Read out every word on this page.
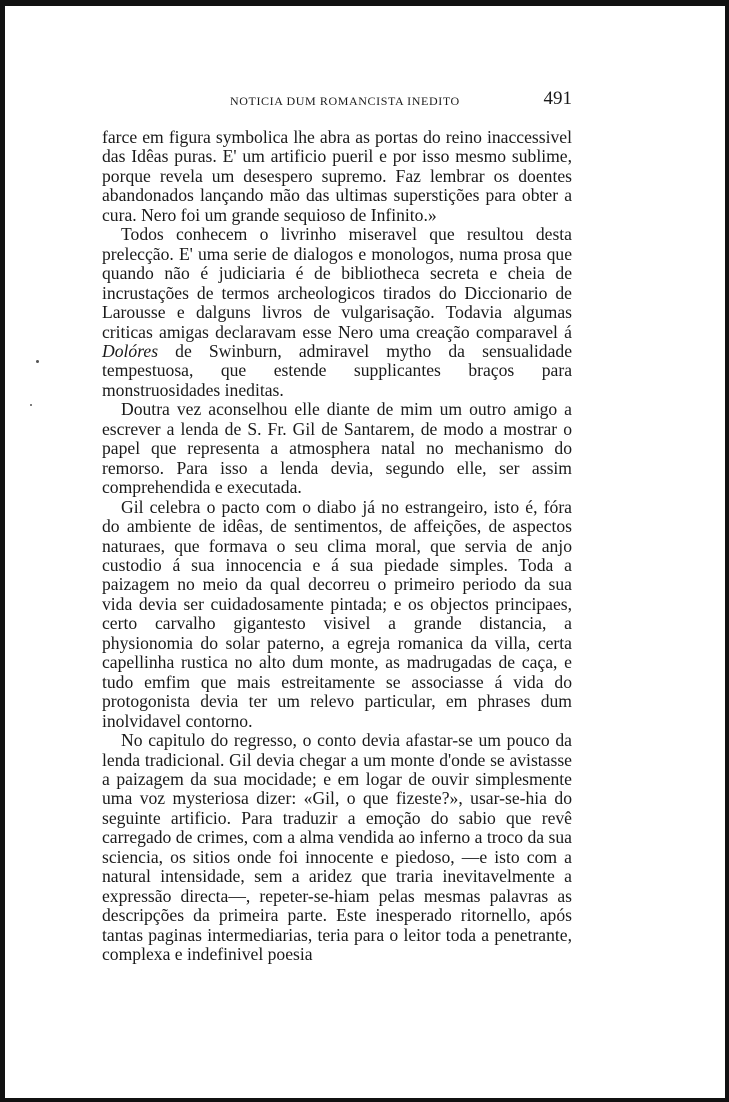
NOTICIA DUM ROMANCISTA INEDITO	491

farce em figura symbolica lhe abra as portas do reino inaccessivel das Idêas puras. E' um artificio pueril e por isso mesmo sublime, porque revela um desespero supremo. Faz lembrar os doentes abandonados lançando mão das ultimas superstições para obter a cura. Nero foi um grande sequioso de Infinito.»

Todos conhecem o livrinho miseravel que resultou desta prelecção. E' uma serie de dialogos e monologos, numa prosa que quando não é judiciaria é de bibliotheca secreta e cheia de incrustações de termos archeologicos tirados do Diccionario de Larousse e dalguns livros de vulgarisação. Todavia algumas criticas amigas declaravam esse Nero uma creação comparavel á Dolóres de Swinburn, admiravel mytho da sensualidade tempestuosa, que estende supplicantes braços para monstruosidades ineditas.

Doutra vez aconselhou elle diante de mim um outro amigo a escrever a lenda de S. Fr. Gil de Santarem, de modo a mostrar o papel que representa a atmosphera natal no mechanismo do remorso. Para isso a lenda devia, segundo elle, ser assim comprehendida e executada.

Gil celebra o pacto com o diabo já no estrangeiro, isto é, fóra do ambiente de idêas, de sentimentos, de affeições, de aspectos naturaes, que formava o seu clima moral, que servia de anjo custodio á sua innocencia e á sua piedade simples. Toda a paizagem no meio da qual decorreu o primeiro periodo da sua vida devia ser cuidadosamente pintada; e os objectos principaes, certo carvalho gigantesto visivel a grande distancia, a physionomia do solar paterno, a egreja romanica da villa, certa capellinha rustica no alto dum monte, as madrugadas de caça, e tudo emfim que mais estreitamente se associasse á vida do protogonista devia ter um relevo particular, em phrases dum inolvidavel contorno.

No capitulo do regresso, o conto devia afastar-se um pouco da lenda tradicional. Gil devia chegar a um monte d'onde se avistasse a paizagem da sua mocidade; e em logar de ouvir simplesmente uma voz mysteriosa dizer: «Gil, o que fizeste?», usar-se-hia do seguinte artificio. Para traduzir a emoção do sabio que revê carregado de crimes, com a alma vendida ao inferno a troco da sua sciencia, os sitios onde foi innocente e piedoso, —e isto com a natural intensidade, sem a aridez que traria inevitavelmente a expressão directa—, repeter-se-hiam pelas mesmas palavras as descripções da primeira parte. Este inesperado ritornello, após tantas paginas intermediarias, teria para o leitor toda a penetrante, complexa e indefinivel poesia
